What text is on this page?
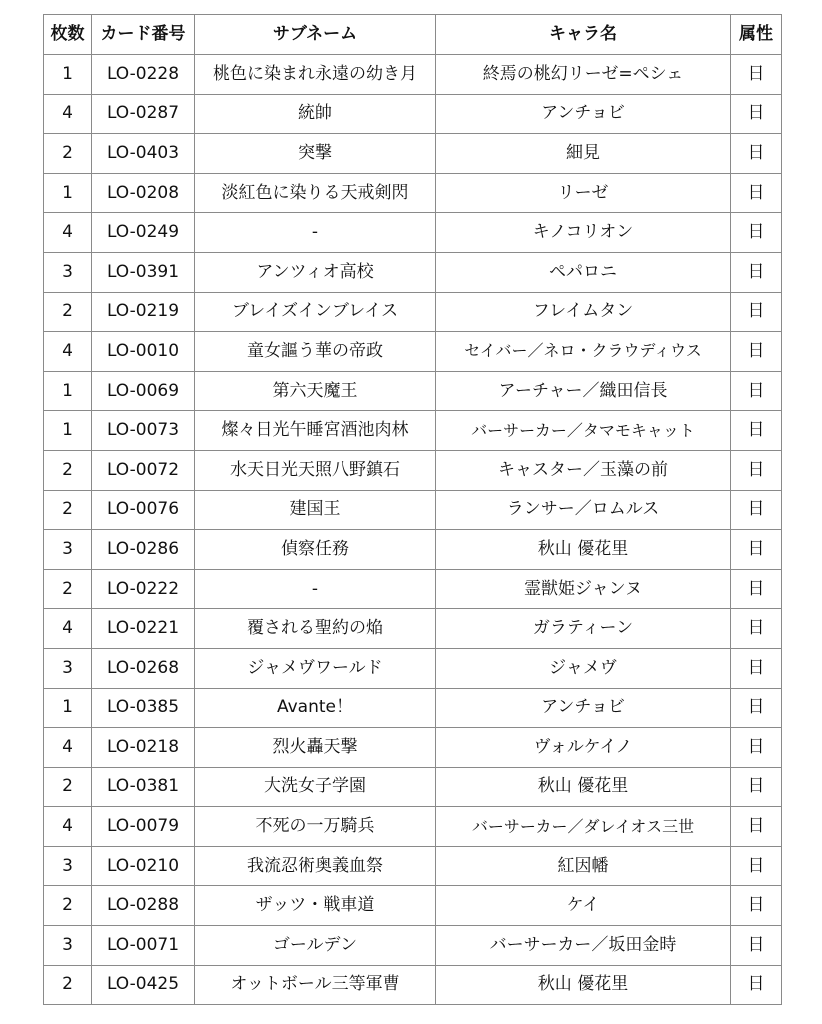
枚数	カード番号	サブネーム	キャラ名	属性
1	LO-0228	桃色に染まれ永遠の幼き月	終焉の桃幻リーゼ=ペシェ	日
4	LO-0287	統帥	アンチョビ	日
2	LO-0403	突撃	細見	日
1	LO-0208	淡紅色に染りる天戒剣閃	リーゼ	日
4	LO-0249	-	キノコリオン	日
3	LO-0391	アンツィオ高校	ペパロニ	日
2	LO-0219	ブレイズインブレイス	フレイムタン	日
4	LO-0010	童女謳う華の帝政	セイバー／ネロ・クラウディウス	日
1	LO-0069	第六天魔王	アーチャー／織田信長	日
1	LO-0073	燦々日光午睡宮酒池肉林	バーサーカー／タマモキャット	日
2	LO-0072	水天日光天照八野鎮石	キャスター／玉藻の前	日
2	LO-0076	建国王	ランサー／ロムルス	日
3	LO-0286	偵察任務	秋山 優花里	日
2	LO-0222	-	霊獣姫ジャンヌ	日
4	LO-0221	覆される聖約の焔	ガラティーン	日
3	LO-0268	ジャメヴワールド	ジャメヴ	日
1	LO-0385	Avante！	アンチョビ	日
4	LO-0218	烈火轟天撃	ヴォルケイノ	日
2	LO-0381	大洗女子学園	秋山 優花里	日
4	LO-0079	不死の一万騎兵	バーサーカー／ダレイオス三世	日
3	LO-0210	我流忍術奥義血祭	紅因幡	日
2	LO-0288	ザッツ・戦車道	ケイ	日
3	LO-0071	ゴールデン	バーサーカー／坂田金時	日
2	LO-0425	オットボール三等軍曹	秋山 優花里	日
